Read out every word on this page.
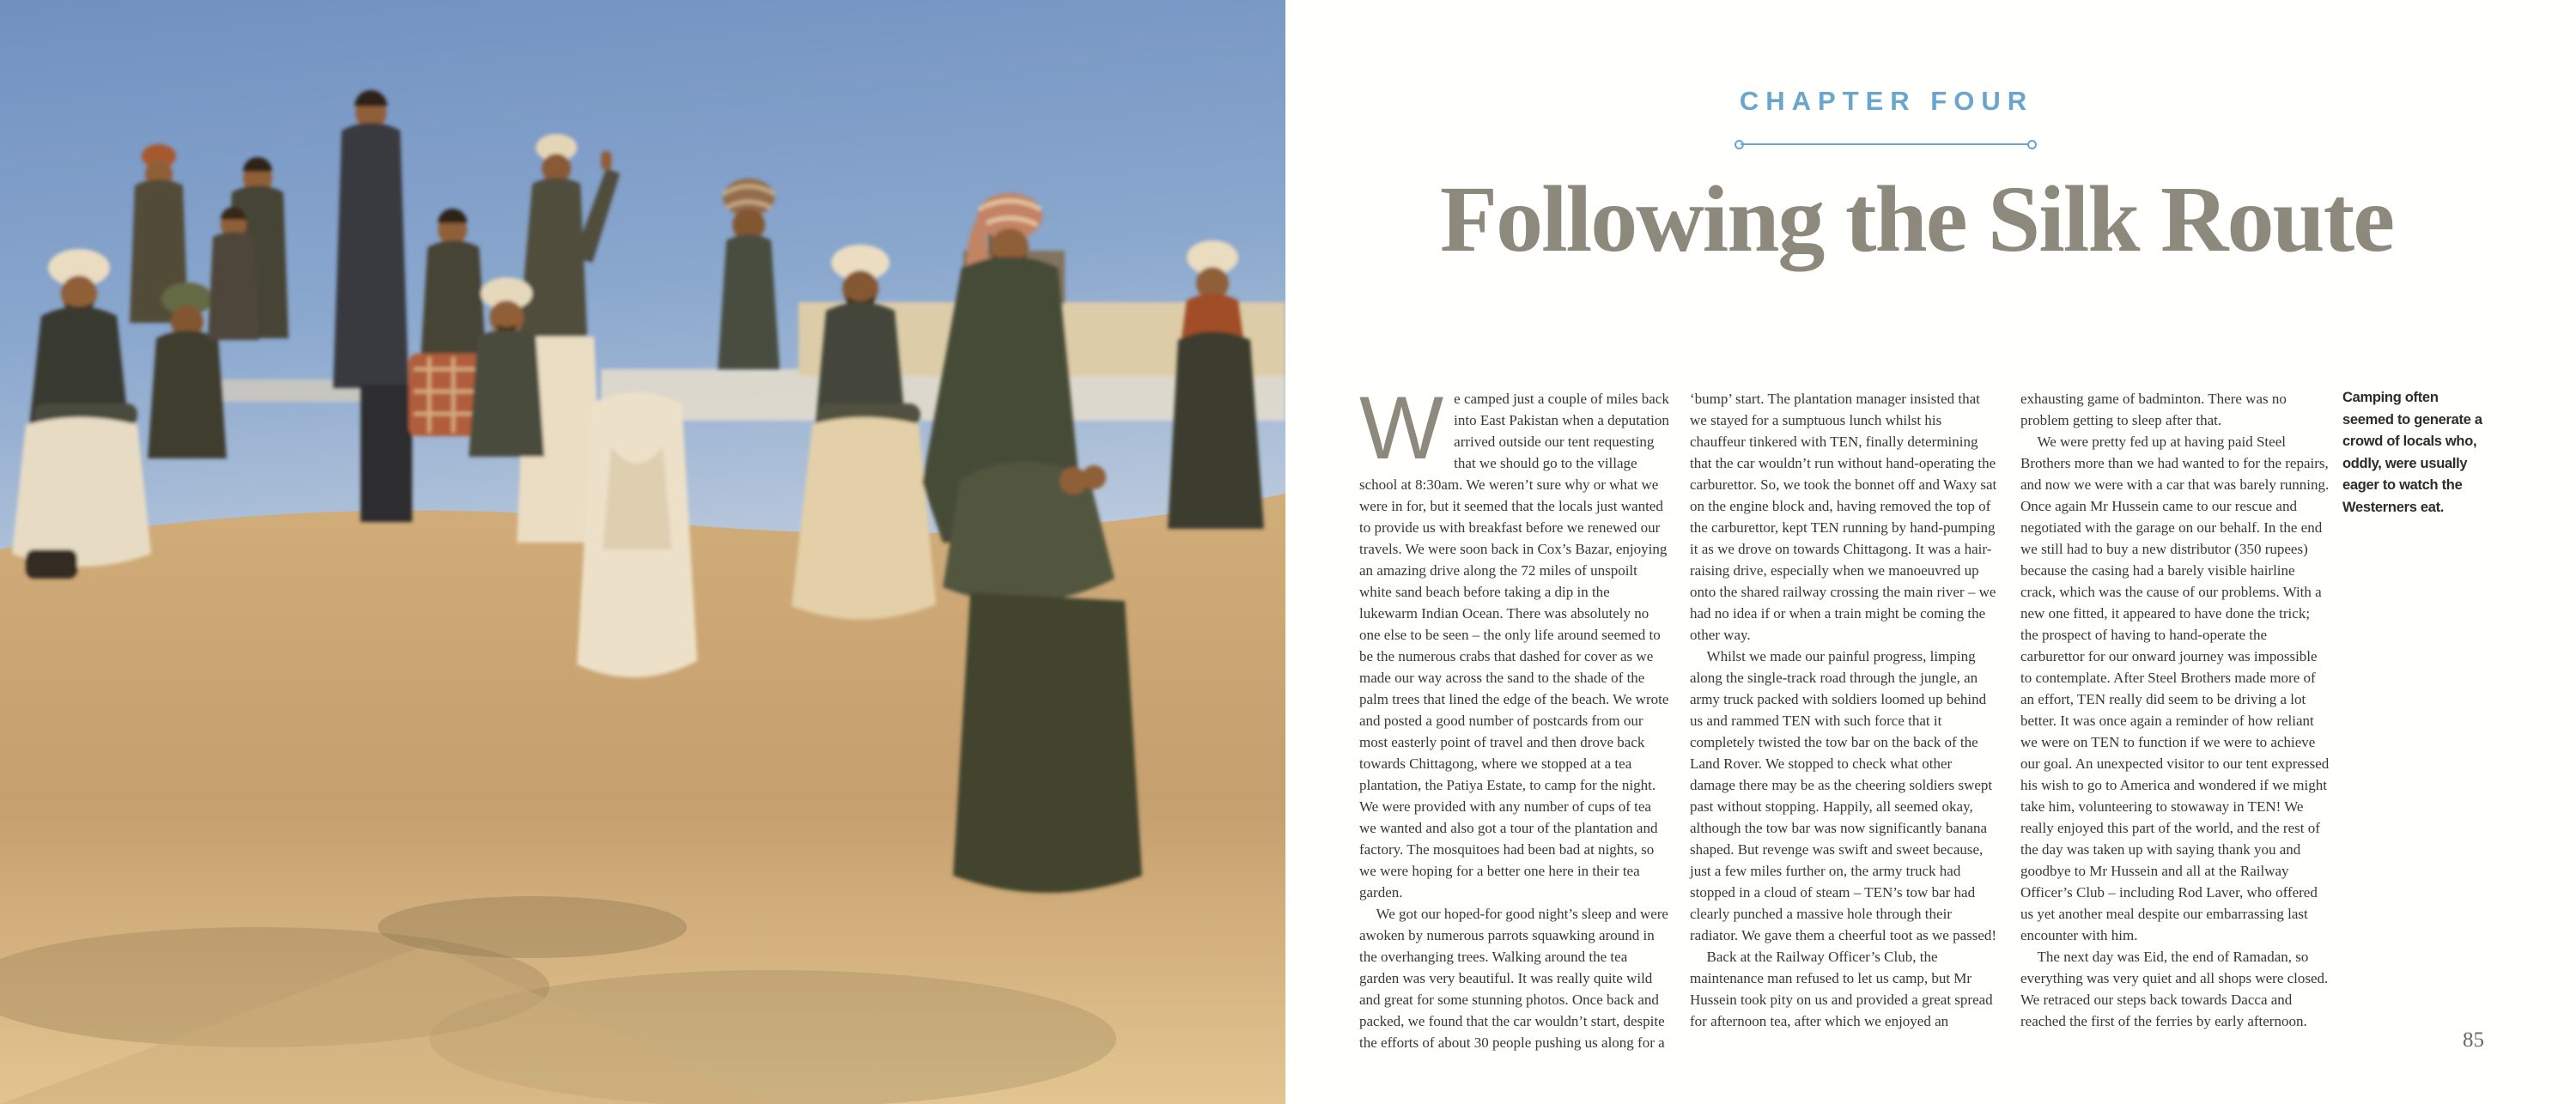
CHAPTER FOUR
Following the Silk Route

We camped just a couple of miles back into East Pakistan when a deputation arrived outside our tent requesting that we should go to the village school at 8:30am. We weren’t sure why or what we were in for, but it seemed that the locals just wanted to provide us with breakfast before we renewed our travels. We were soon back in Cox’s Bazar, enjoying an amazing drive along the 72 miles of unspoilt white sand beach before taking a dip in the lukewarm Indian Ocean. There was absolutely no one else to be seen – the only life around seemed to be the numerous crabs that dashed for cover as we made our way across the sand to the shade of the palm trees that lined the edge of the beach. We wrote and posted a good number of postcards from our most easterly point of travel and then drove back towards Chittagong, where we stopped at a tea plantation, the Patiya Estate, to camp for the night. We were provided with any number of cups of tea we wanted and also got a tour of the plantation and factory. The mosquitoes had been bad at nights, so we were hoping for a better one here in their tea garden.

We got our hoped-for good night’s sleep and were awoken by numerous parrots squawking around in the overhanging trees. Walking around the tea garden was very beautiful. It was really quite wild and great for some stunning photos. Once back and packed, we found that the car wouldn’t start, despite the efforts of about 30 people pushing us along for a ‘bump’ start. The plantation manager insisted that we stayed for a sumptuous lunch whilst his chauffeur tinkered with TEN, finally determining that the car wouldn’t run without hand-operating the carburettor. So, we took the bonnet off and Waxy sat on the engine block and, having removed the top of the carburettor, kept TEN running by hand-pumping it as we drove on towards Chittagong. It was a hair-raising drive, especially when we manoeuvred up onto the shared railway crossing the main river – we had no idea if or when a train might be coming the other way.

Whilst we made our painful progress, limping along the single-track road through the jungle, an army truck packed with soldiers loomed up behind us and rammed TEN with such force that it completely twisted the tow bar on the back of the Land Rover. We stopped to check what other damage there may be as the cheering soldiers swept past without stopping. Happily, all seemed okay, although the tow bar was now significantly banana shaped. But revenge was swift and sweet because, just a few miles further on, the army truck had stopped in a cloud of steam – TEN’s tow bar had clearly punched a massive hole through their radiator. We gave them a cheerful toot as we passed!

Back at the Railway Officer’s Club, the maintenance man refused to let us camp, but Mr Hussein took pity on us and provided a great spread for afternoon tea, after which we enjoyed an exhausting game of badminton. There was no problem getting to sleep after that.

We were pretty fed up at having paid Steel Brothers more than we had wanted to for the repairs, and now we were with a car that was barely running. Once again Mr Hussein came to our rescue and negotiated with the garage on our behalf. In the end we still had to buy a new distributor (350 rupees) because the casing had a barely visible hairline crack, which was the cause of our problems. With a new one fitted, it appeared to have done the trick; the prospect of having to hand-operate the carburettor for our onward journey was impossible to contemplate. After Steel Brothers made more of an effort, TEN really did seem to be driving a lot better. It was once again a reminder of how reliant we were on TEN to function if we were to achieve our goal. An unexpected visitor to our tent expressed his wish to go to America and wondered if we might take him, volunteering to stowaway in TEN! We really enjoyed this part of the world, and the rest of the day was taken up with saying thank you and goodbye to Mr Hussein and all at the Railway Officer’s Club – including Rod Laver, who offered us yet another meal despite our embarrassing last encounter with him.

The next day was Eid, the end of Ramadan, so everything was very quiet and all shops were closed. We retraced our steps back towards Dacca and reached the first of the ferries by early afternoon.

Camping often seemed to generate a crowd of locals who, oddly, were usually eager to watch the Westerners eat.
85
